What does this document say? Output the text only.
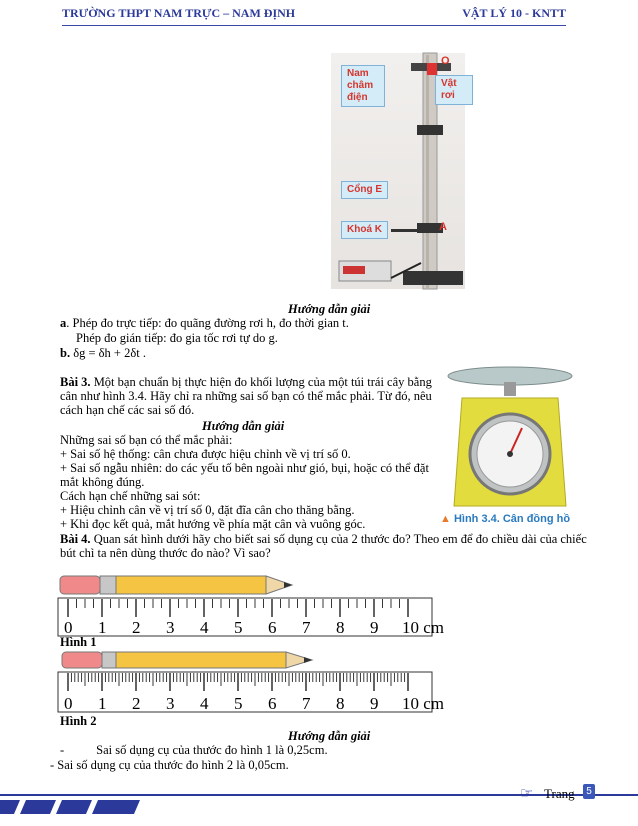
TRƯỜNG THPT NAM TRỰC – NAM ĐỊNH	VẬT LÝ 10 - KNTT
Nam châm điện
Vật rơi
Cổng E
Khoá K
O
A
Hướng dẫn giải
a. Phép đo trực tiếp: đo quãng đường rơi h, đo thời gian t.
Phép đo gián tiếp: đo gia tốc rơi tự do g.
b. δg = δh + 2δt .
Bài 3. Một bạn chuẩn bị thực hiện đo khối lượng của một túi trái cây bằng cân như hình 3.4. Hãy chỉ ra những sai số bạn có thể mắc phải. Từ đó, nêu cách hạn chế các sai số đó.
Hướng dẫn giải
Những sai số bạn có thể mắc phải:
+ Sai số hệ thống: cân chưa được hiệu chỉnh về vị trí số 0.
+ Sai số ngẫu nhiên: do các yếu tố bên ngoài như gió, bụi, hoặc có thể đặt mắt không đúng.
Cách hạn chế những sai sót:
+ Hiệu chỉnh cân về vị trí số 0, đặt đĩa cân cho thăng bằng.
+ Khi đọc kết quả, mắt hướng về phía mặt cân và vuông góc.	▲ Hình 3.4. Cân đồng hồ
Bài 4. Quan sát hình dưới hãy cho biết sai số dụng cụ của 2 thước đo? Theo em để đo chiều dài của chiếc bút chì ta nên dùng thước đo nào? Vì sao?
0 1 2 3 4 5 6 7 8 9 10 cm
Hình 1
0 1 2 3 4 5 6 7 8 9 10 cm
Hình 2
Hướng dẫn giải
-	Sai số dụng cụ của thước đo hình 1 là 0,25cm.
- Sai số dụng cụ của thước đo hình 2 là 0,05cm.
☞ Trang	5
